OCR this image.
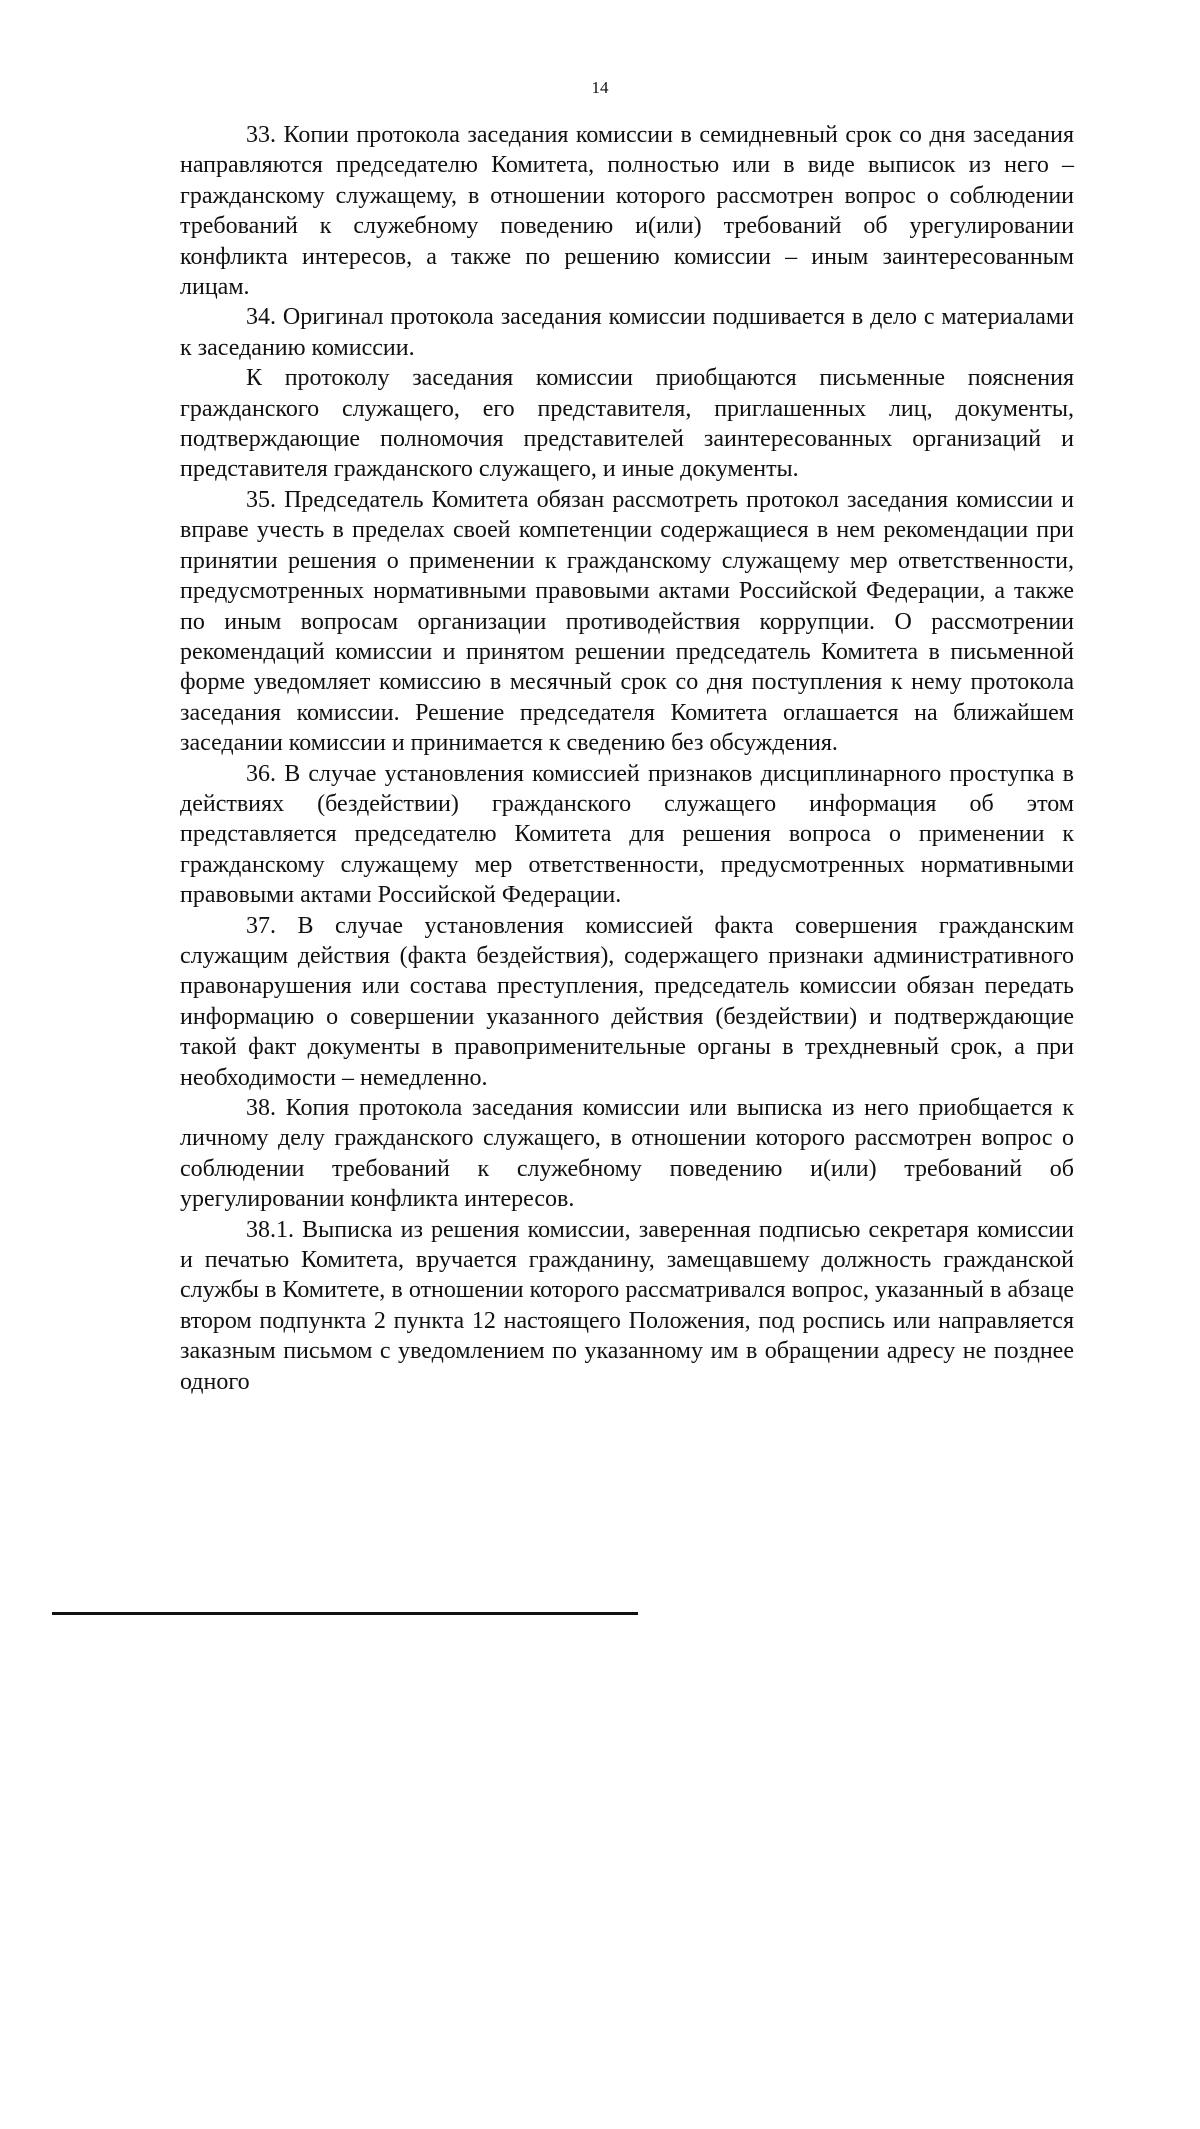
14

33. Копии протокола заседания комиссии в семидневный срок со дня заседания направляются председателю Комитета, полностью или в виде выписок из него – гражданскому служащему, в отношении которого рассмотрен вопрос о соблюдении требований к служебному поведению и(или) требований об урегулировании конфликта интересов, а также по решению комиссии – иным заинтересованным лицам.

34. Оригинал протокола заседания комиссии подшивается в дело с материалами к заседанию комиссии.

К протоколу заседания комиссии приобщаются письменные пояснения гражданского служащего, его представителя, приглашенных лиц, документы, подтверждающие полномочия представителей заинтересованных организаций и представителя гражданского служащего, и иные документы.

35. Председатель Комитета обязан рассмотреть протокол заседания комиссии и вправе учесть в пределах своей компетенции содержащиеся в нем рекомендации при принятии решения о применении к гражданскому служащему мер ответственности, предусмотренных нормативными правовыми актами Российской Федерации, а также по иным вопросам организации противодействия коррупции. О рассмотрении рекомендаций комиссии и принятом решении председатель Комитета в письменной форме уведомляет комиссию в месячный срок со дня поступления к нему протокола заседания комиссии. Решение председателя Комитета оглашается на ближайшем заседании комиссии и принимается к сведению без обсуждения.

36. В случае установления комиссией признаков дисциплинарного проступка в действиях (бездействии) гражданского служащего информация об этом представляется председателю Комитета для решения вопроса о применении к гражданскому служащему мер ответственности, предусмотренных нормативными правовыми актами Российской Федерации.

37. В случае установления комиссией факта совершения гражданским служащим действия (факта бездействия), содержащего признаки административного правонарушения или состава преступления, председатель комиссии обязан передать информацию о совершении указанного действия (бездействии) и подтверждающие такой факт документы в правоприменительные органы в трехдневный срок, а при необходимости – немедленно.

38. Копия протокола заседания комиссии или выписка из него приобщается к личному делу гражданского служащего, в отношении которого рассмотрен вопрос о соблюдении требований к служебному поведению и(или) требований об урегулировании конфликта интересов.

38.1. Выписка из решения комиссии, заверенная подписью секретаря комиссии и печатью Комитета, вручается гражданину, замещавшему должность гражданской службы в Комитете, в отношении которого рассматривался вопрос, указанный в абзаце втором подпункта 2 пункта 12 настоящего Положения, под роспись или направляется заказным письмом с уведомлением по указанному им в обращении адресу не позднее одного
